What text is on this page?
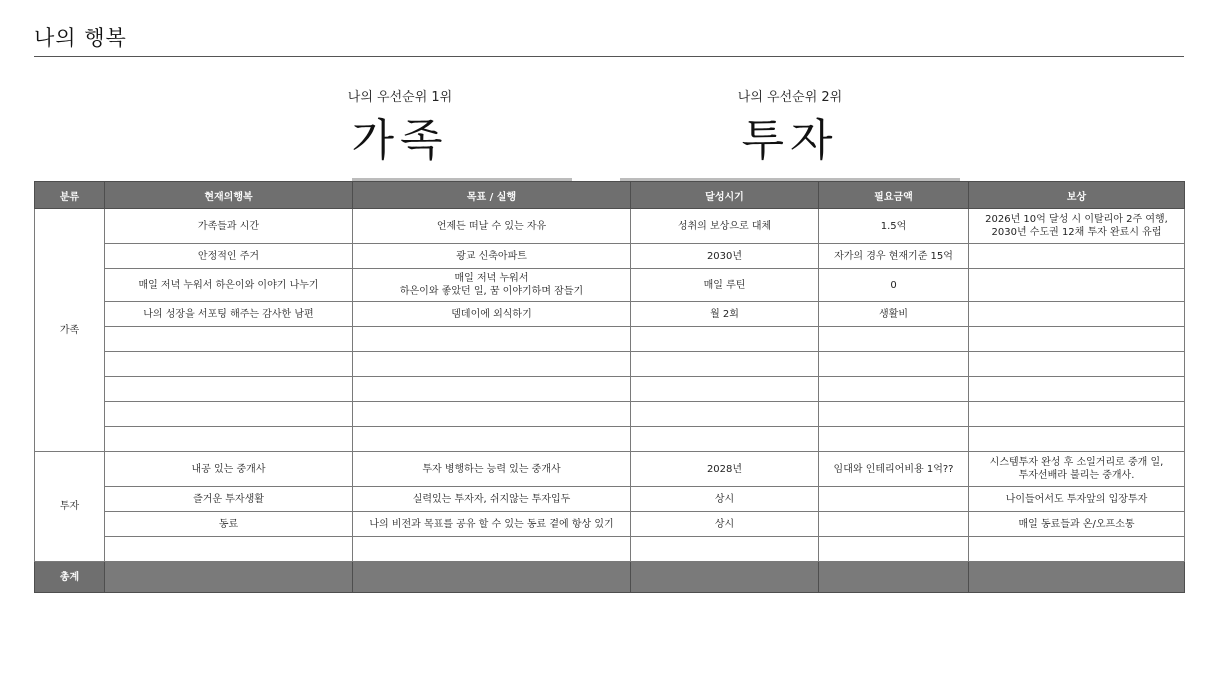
나의 행복
나의 우선순위 1위
가족
나의 우선순위 2위
투자
분류	현재의행복	목표 / 실행	달성시기	필요금액	보상
가족	가족들과 시간	언제든 떠날 수 있는 자유	성취의 보상으로 대체	1.5억	2026년 10억 달성 시 이탈리아 2주 여행,
2030년 수도권 12채 투자 완료시 유럽
	안정적인 주거	광교 신축아파트	2030년	자가의 경우 현재기준 15억	
	매일 저녁 누워서 하은이와 이야기 나누기	매일 저녁 누워서
하은이와 좋았던 일, 꿈 이야기하며 잠들기	매일 루틴	0	
	나의 성장을 서포팅 해주는 감사한 남편	뎀데이에 외식하기	월 2회	생활비	

투자	내공 있는 중개사	투자 병행하는 능력 있는 중개사	2028년	임대와 인테리어비용 1억??	시스템투자 완성 후 소일거리로 중개 일,
투자선배라 불리는 중개사.
	즐거운 투자생활	실력있는 투자자, 쉬지않는 투자입두	상시		나이들어서도 투자앞의 입장투자
	동료	나의 비전과 목표를 공유 할 수 있는 동료 곁에 항상 있기	상시		매일 동료들과 온/오프소통

총계					
